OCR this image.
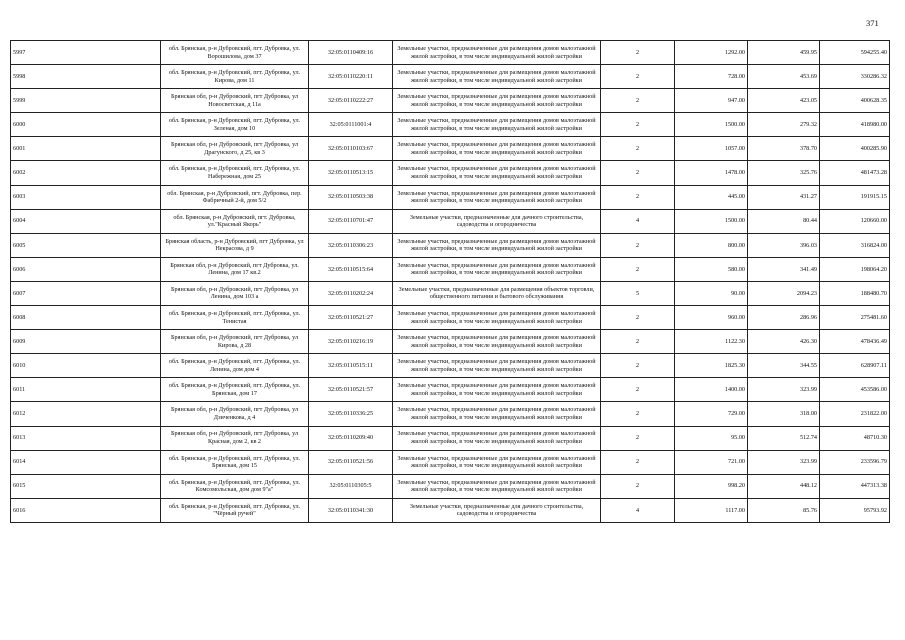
371
5997	обл. Брянская, р-н Дубровский, пгт. Дубровка, ул. Ворошилова, дом 37	32:05:0110409:16	Земельные участки, предназначенные для размещения домов малоэтажной жилой застройки, в том числе индивидуальной жилой застройки	2	1292.00	459.95	594255.40
5998	обл. Брянская, р-н Дубровский, пгт. Дубровка, ул. Кирова, дом 11	32:05:0110220:11	Земельные участки, предназначенные для размещения домов малоэтажной жилой застройки, в том числе индивидуальной жилой застройки	2	728.00	453.69	330286.32
5999	Брянская обл, р-н Дубровский, пгт Дубровка, ул Новосветская, д 11а	32:05:0110222:27	Земельные участки, предназначенные для размещения домов малоэтажной жилой застройки, в том числе индивидуальной жилой застройки	2	947.00	423.05	400628.35
6000	обл. Брянская, р-н Дубровский, пгт. Дубровка, ул. Зеленая, дом 10	32:05:0111001:4	Земельные участки, предназначенные для размещения домов малоэтажной жилой застройки, в том числе индивидуальной жилой застройки	2	1500.00	279.32	418980.00
6001	Брянская обл, р-н Дубровский, пгт Дубровка, ул Драгунского, д 25, кв 3	32:05:0110103:67	Земельные участки, предназначенные для размещения домов малоэтажной жилой застройки, в том числе индивидуальной жилой застройки	2	1057.00	378.70	400285.90
6002	обл. Брянская, р-н Дубровский, пгт. Дубровка, ул. Набережная, дом 25	32:05:0110513:15	Земельные участки, предназначенные для размещения домов малоэтажной жилой застройки, в том числе индивидуальной жилой застройки	2	1478.00	325.76	481473.28
6003	обл. Брянская, р-н Дубровский, пгт. Дубровка, пер. Фабричный 2-й, дом 5/2	32:05:0110503:38	Земельные участки, предназначенные для размещения домов малоэтажной жилой застройки, в том числе индивидуальной жилой застройки	2	445.00	431.27	191915.15
6004	обл. Брянская, р-н Дубровский, пгт. Дубровка, ул."Красный Якорь"	32:05:0110701:47	Земельные участки, предназначенные для дачного строительства, садоводства и огородничества	4	1500.00	80.44	120660.00
6005	Брянская область, р-н Дубровский, пгт Дубровка, ул Некрасова, д 9	32:05:0110306:23	Земельные участки, предназначенные для размещения домов малоэтажной жилой застройки, в том числе индивидуальной жилой застройки	2	800.00	396.03	316824.00
6006	Брянская обл, р-н Дубровский, пгт Дубровка, ул. Ленина, дом 17 кв.2	32:05:0110515:64	Земельные участки, предназначенные для размещения домов малоэтажной жилой застройки, в том числе индивидуальной жилой застройки	2	580.00	341.49	198064.20
6007	Брянская обл, р-н Дубровский, пгт Дубровка, ул Ленина, дом 103 а	32:05:0110202:24	Земельные участки, предназначенные для размещения объектов торговли, общественного питания и бытового обслуживания	5	90.00	2094.23	188480.70
6008	обл. Брянская, р-н Дубровский, пгт. Дубровка, ул. Тенистая	32:05:0110521:27	Земельные участки, предназначенные для размещения домов малоэтажной жилой застройки, в том числе индивидуальной жилой застройки	2	960.00	286.96	275481.60
6009	Брянская обл, р-н Дубровский, пгт Дубровка, ул Кирова, д 28	32:05:0110216:19	Земельные участки, предназначенные для размещения домов малоэтажной жилой застройки, в том числе индивидуальной жилой застройки	2	1122.30	426.30	478436.49
6010	обл. Брянская, р-н Дубровский, пгт. Дубровка, ул. Ленина, дом дом 4	32:05:0110515:11	Земельные участки, предназначенные для размещения домов малоэтажной жилой застройки, в том числе индивидуальной жилой застройки	2	1825.30	344.55	628907.11
6011	обл. Брянская, р-н Дубровский, пгт. Дубровка, ул. Брянская, дом 17	32:05:0110521:57	Земельные участки, предназначенные для размещения домов малоэтажной жилой застройки, в том числе индивидуальной жилой застройки	2	1400.00	323.99	453586.00
6012	Брянская обл, р-н Дубровский, пгт Дубровка, ул Дзиченкова, д 4	32:05:0110336:25	Земельные участки, предназначенные для размещения домов малоэтажной жилой застройки, в том числе индивидуальной жилой застройки	2	729.00	318.00	231822.00
6013	Брянская обл, р-н Дубровский, пгт Дубровка, ул Красная, дом 2, кв 2	32:05:0110209:40	Земельные участки, предназначенные для размещения домов малоэтажной жилой застройки, в том числе индивидуальной жилой застройки	2	95.00	512.74	48710.30
6014	обл. Брянская, р-н Дубровский, пгт. Дубровка, ул. Брянская, дом 15	32:05:0110521:56	Земельные участки, предназначенные для размещения домов малоэтажной жилой застройки, в том числе индивидуальной жилой застройки	2	721.00	323.99	233596.79
6015	обл. Брянская, р-н Дубровский, пгт. Дубровка, ул. Комсомольская, дом дом 9"а"	32:05:0110305:5	Земельные участки, предназначенные для размещения домов малоэтажной жилой застройки, в том числе индивидуальной жилой застройки	2	998.20	448.12	447313.38
6016	обл. Брянская, р-н Дубровский, пгт. Дубровка, ул. "Чёрный ручей"	32:05:0110341:30	Земельные участки, предназначенные для дачного строительства, садоводства и огородничества	4	1117.00	85.76	95793.92
